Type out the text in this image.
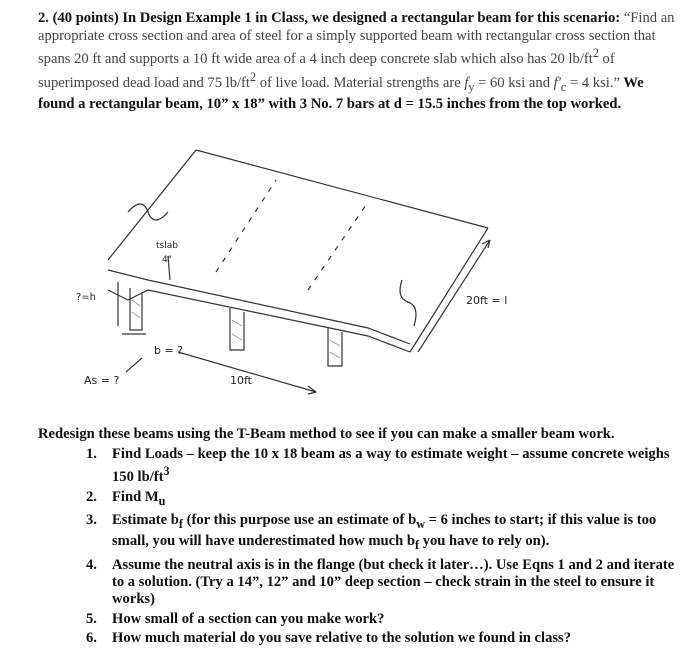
2. (40 points) In Design Example 1 in Class, we designed a rectangular beam for this scenario: “Find an appropriate cross section and area of steel for a simply supported beam with rectangular cross section that spans 20 ft and supports a 10 ft wide area of a 4 inch deep concrete slab which also has 20 $lb/ft^2$ of superimposed dead load and 75 $lb/ft^2$ of live load. Material strengths are $f_y = 60$ ksi and $f'_c = 4$ ksi.” We found a rectangular beam, 10” x 18” with 3 No. 7 bars at d = 15.5 inches from the top worked.
tslab
4"
?=h
b = ?
As = ?	10ft
20ft = l
Redesign these beams using the T-Beam method to see if you can make a smaller beam work.
1. Find Loads – keep the 10 x 18 beam as a way to estimate weight – assume concrete weighs 150 $lb/ft^3$
2. Find $M_u$
3. Estimate $b_f$ (for this purpose use an estimate of $b_w = 6$ inches to start; if this value is too small, you will have underestimated how much $b_f$ you have to rely on).
4. Assume the neutral axis is in the flange (but check it later…). Use Eqns 1 and 2 and iterate to a solution. (Try a 14”, 12” and 10” deep section – check strain in the steel to ensure it works)
5. How small of a section can you make work?
6. How much material do you save relative to the solution we found in class?
